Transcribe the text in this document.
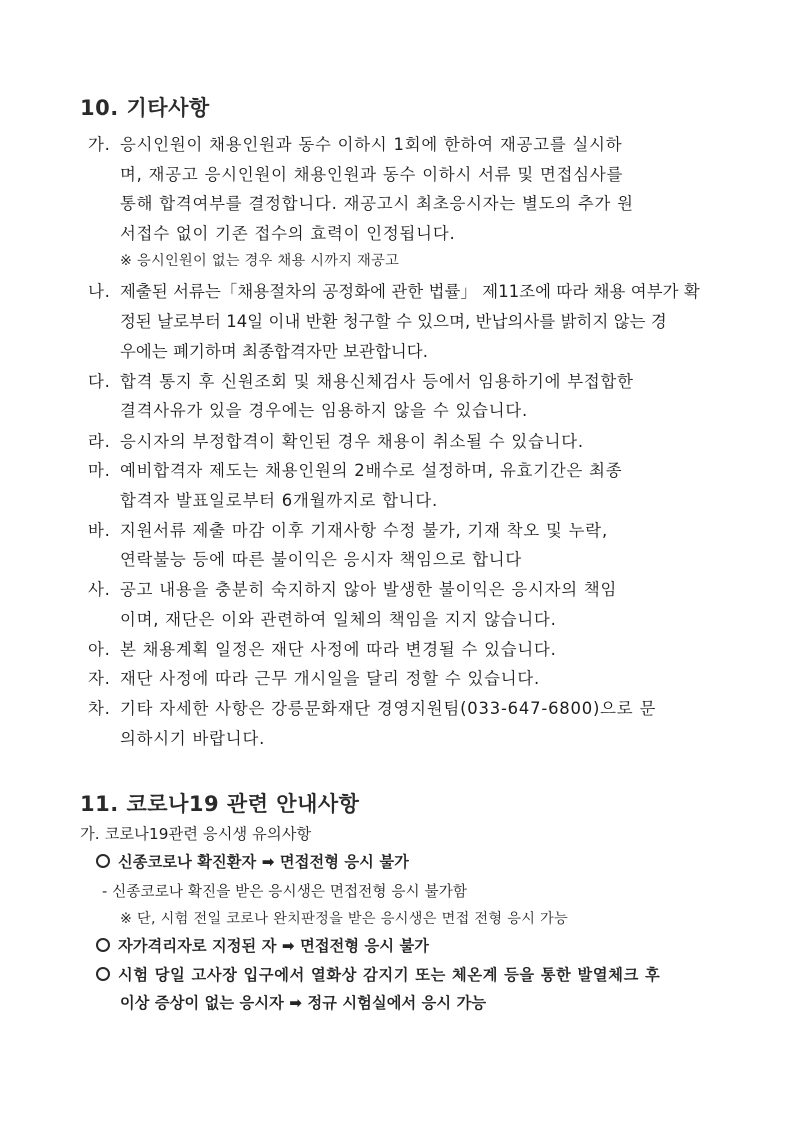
10. 기타사항
가. 응시인원이 채용인원과 동수 이하시 1회에 한하여 재공고를 실시하
며, 재공고 응시인원이 채용인원과 동수 이하시 서류 및 면접심사를
통해 합격여부를 결정합니다. 재공고시 최초응시자는 별도의 추가 원
서접수 없이 기존 접수의 효력이 인정됩니다.
※ 응시인원이 없는 경우 채용 시까지 재공고
나. 제출된 서류는「채용절차의 공정화에 관한 법률」 제11조에 따라 채용 여부가 확
정된 날로부터 14일 이내 반환 청구할 수 있으며, 반납의사를 밝히지 않는 경
우에는 폐기하며 최종합격자만 보관합니다.
다. 합격 통지 후 신원조회 및 채용신체검사 등에서 임용하기에 부접합한
결격사유가 있을 경우에는 임용하지 않을 수 있습니다.
라. 응시자의 부정합격이 확인된 경우 채용이 취소될 수 있습니다.
마. 예비합격자 제도는 채용인원의 2배수로 설정하며, 유효기간은 최종
합격자 발표일로부터 6개월까지로 합니다.
바. 지원서류 제출 마감 이후 기재사항 수정 불가, 기재 착오 및 누락,
연락불능 등에 따른 불이익은 응시자 책임으로 합니다
사. 공고 내용을 충분히 숙지하지 않아 발생한 불이익은 응시자의 책임
이며, 재단은 이와 관련하여 일체의 책임을 지지 않습니다.
아. 본 채용계획 일정은 재단 사정에 따라 변경될 수 있습니다.
자. 재단 사정에 따라 근무 개시일을 달리 정할 수 있습니다.
차. 기타 자세한 사항은 강릉문화재단 경영지원팀(033-647-6800)으로 문
의하시기 바랍니다.
11. 코로나19 관련 안내사항
가. 코로나19관련 응시생 유의사항
신종코로나 확진환자 ➡ 면접전형 응시 불가
- 신종코로나 확진을 받은 응시생은 면접전형 응시 불가함
※ 단, 시험 전일 코로나 완치판정을 받은 응시생은 면접 전형 응시 가능
자가격리자로 지정된 자 ➡ 면접전형 응시 불가
시험 당일 고사장 입구에서 열화상 감지기 또는 체온계 등을 통한 발열체크 후
이상 증상이 없는 응시자 ➡ 정규 시험실에서 응시 가능
